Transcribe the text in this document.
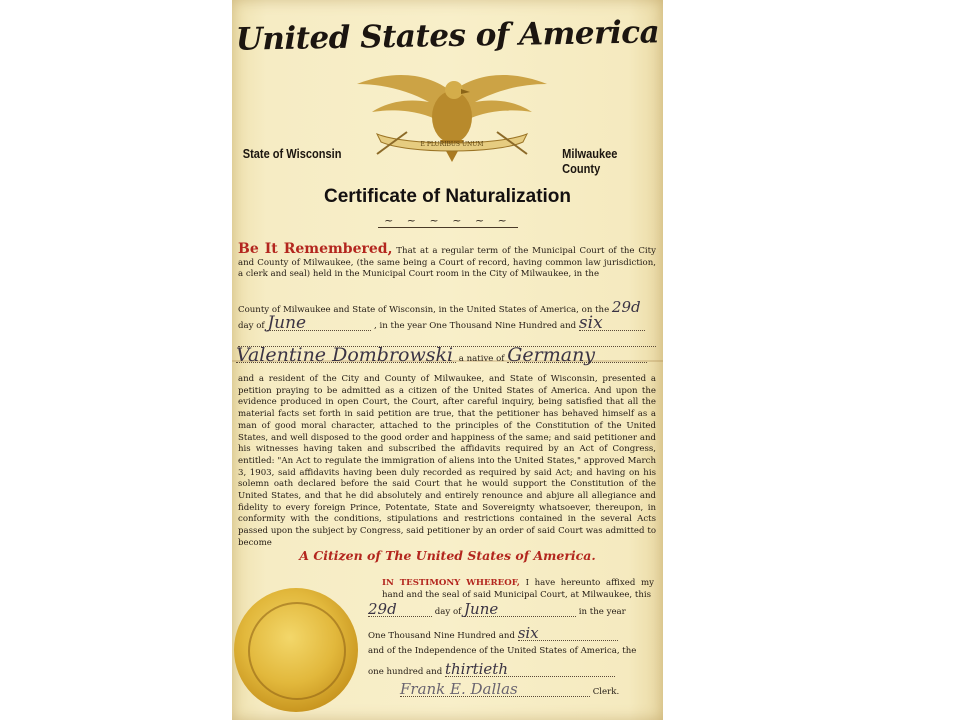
United States of America
E PLURIBUS UNUM
State of Wisconsin	Milwaukee County
Certificate of Naturalization
~ ~ ~ ~ ~ ~
Be It Remembered, That at a regular term of the Municipal Court of the City and County of Milwaukee, (the same being a Court of record, having common law jurisdiction, a clerk and seal) held in the Municipal Court room in the City of Milwaukee, in the
County of Milwaukee and State of Wisconsin, in the United States of America, on the 29d
day of June	, in the year One Thousand Nine Hundred and six
Valentine Dombrowski a native of Germany
and a resident of the City and County of Milwaukee, and State of Wisconsin, presented a petition praying to be admitted as a citizen of the United States of America. And upon the evidence produced in open Court, the Court, after careful inquiry, being satisfied that all the material facts set forth in said petition are true, that the petitioner has behaved himself as a man of good moral character, attached to the principles of the Constitution of the United States, and well disposed to the good order and happiness of the same; and said petitioner and his witnesses having taken and subscribed the affidavits required by an Act of Congress, entitled: "An Act to regulate the immigration of aliens into the United States," approved March 3, 1903, said affidavits having been duly recorded as required by said Act; and having on his solemn oath declared before the said Court that he would support the Constitution of the United States, and that he did absolutely and entirely renounce and abjure all allegiance and fidelity to every foreign Prince, Potentate, State and Sovereignty whatsoever, thereupon, in conformity with the conditions, stipulations and restrictions contained in the several Acts passed upon the subject by Congress, said petitioner by an order of said Court was admitted to become
A Citizen of The United States of America.
IN TESTIMONY WHEREOF, I have hereunto affixed my hand and the seal of said Municipal Court, at Milwaukee, this
29d	day of June	in the year
One Thousand Nine Hundred and six
and of the Independence of the United States of America, the
one hundred and thirtieth
Frank E. Dallas	Clerk.
